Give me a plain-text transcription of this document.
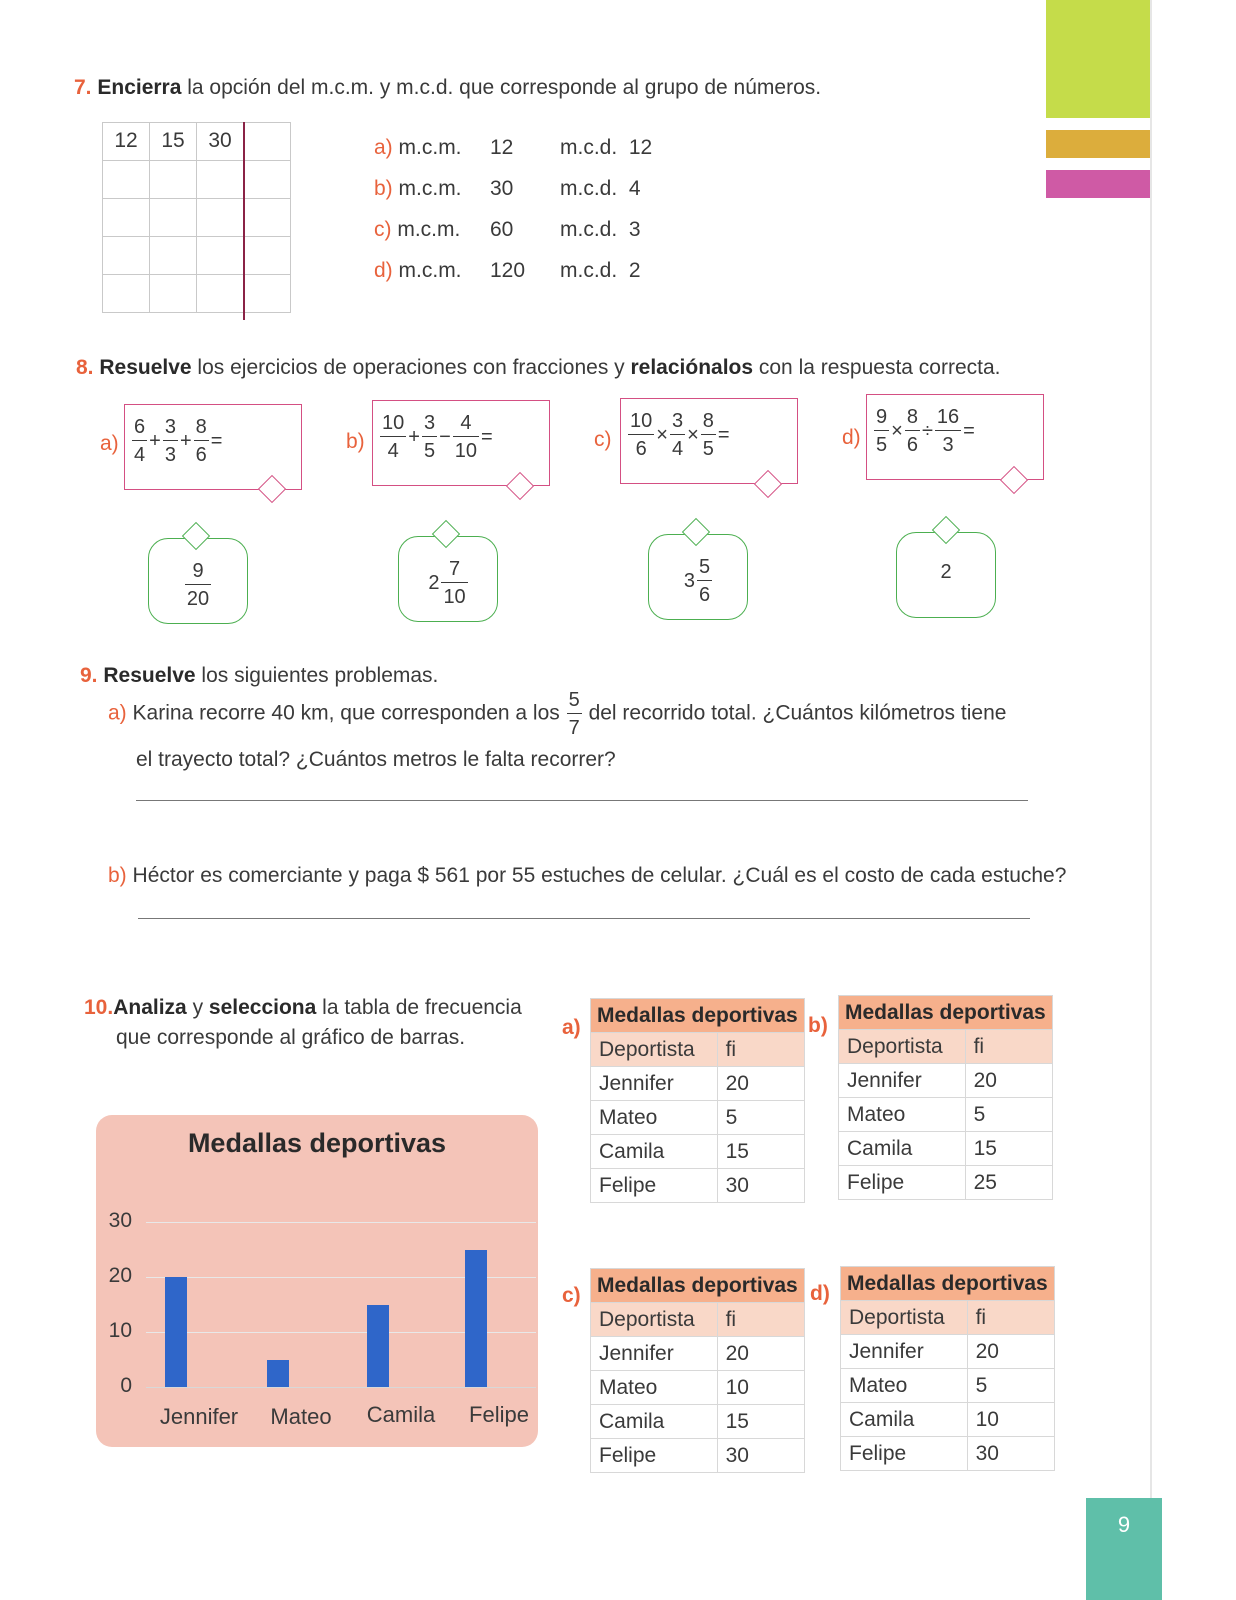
9
7. Encierra la opción del m.c.m. y m.c.d. que corresponde al grupo de números.
12	15	30	

				a) m.c.m. 12 m.c.d. 12
b) m.c.m. 30 m.c.d. 4
c) m.c.m. 60 m.c.d. 3
d) m.c.m. 120 m.c.d. 2
8. Resuelve los ejercicios de operaciones con fracciones y relaciónalos con la respuesta correcta.
$a) \frac{6}{4} + \frac{3}{3} + \frac{8}{6}$ =	$b) \frac{10}{4} + \frac{3}{5} - \frac{4}{10}$ =	$c) \frac{10}{6} \times \frac{3}{4} \times \frac{8}{5}$ =	$d) \frac{9}{5} \times \frac{8}{6} \div \frac{16}{3}$ =
$\frac{9}{20}$	$2 \frac{7}{10}$	$3 \frac{5}{6}$	2
9. Resuelve los siguientes problemas.
a) Karina recorre 40 km, que corresponden a los $\frac{5}{7}$ del recorrido total. ¿Cuántos kilómetros tiene
el trayecto total? ¿Cuántos metros le falta recorrer?
b) Héctor es comerciante y paga $ 561 por 55 estuches de celular. ¿Cuál es el costo de cada estuche?
10.Analiza y selecciona la tabla de frecuencia
que corresponde al gráfico de barras.
Medallas deportivas
30
20
10
0
Jennifer	Mateo	Camila	Felipe
a)
Medallas deportivas	
Deportista	fi
Jennifer	20
Mateo	5
Camila	15
Felipe	30
b)
Medallas deportivas	
Deportista	fi
Jennifer	20
Mateo	5
Camila	15
Felipe	25
c) Medallas deportivas	
Deportista	fi
Jennifer	20
Mateo	10
Camila	15
Felipe	30
d) Medallas deportivas	
Deportista	fi
Jennifer	20
Mateo	5
Camila	10
Felipe	30
